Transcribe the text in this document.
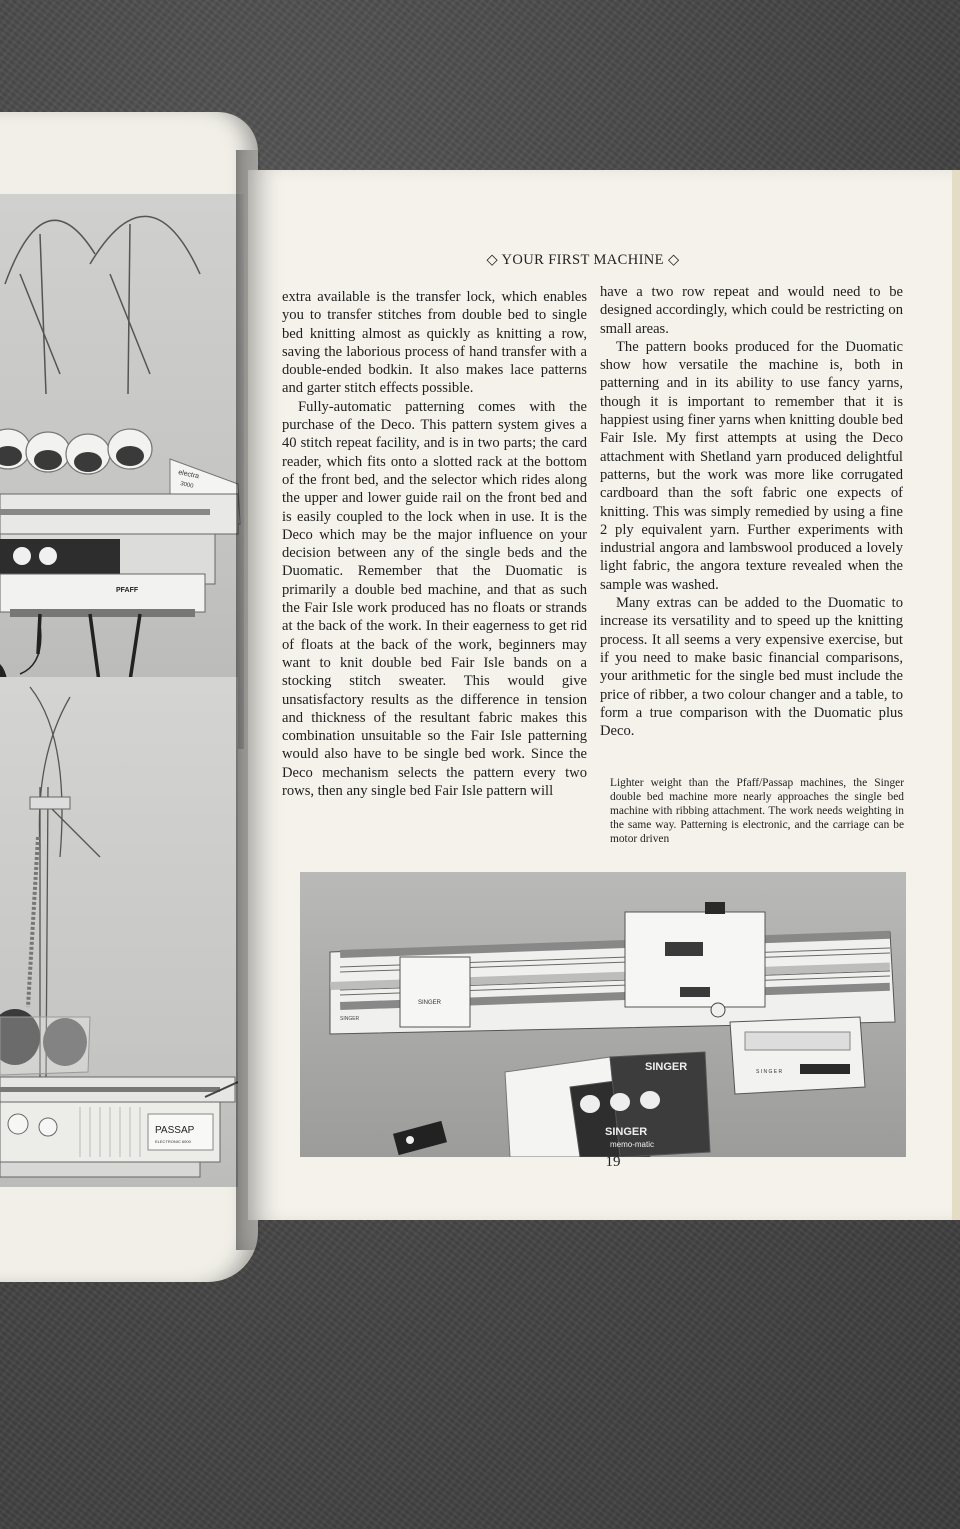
electra
3000
PFAFF
PASSAP
ELECTRONIC 6000
◇ YOUR FIRST MACHINE ◇

extra available is the transfer lock, which enables you to transfer stitches from double bed to single bed knitting almost as quickly as knitting a row, saving the laborious process of hand transfer with a double-ended bodkin. It also makes lace patterns and garter stitch effects possible.

Fully-automatic patterning comes with the purchase of the Deco. This pattern system gives a 40 stitch repeat facility, and is in two parts; the card reader, which fits onto a slotted rack at the bottom of the front bed, and the selector which rides along the upper and lower guide rail on the front bed and is easily coupled to the lock when in use. It is the Deco which may be the major influence on your decision between any of the single beds and the Duomatic. Remember that the Duomatic is primarily a double bed machine, and that as such the Fair Isle work produced has no floats or strands at the back of the work. In their eagerness to get rid of floats at the back of the work, beginners may want to knit double bed Fair Isle bands on a stocking stitch sweater. This would give unsatisfactory results as the difference in tension and thickness of the resultant fabric makes this combination unsuitable so the Fair Isle patterning would also have to be single bed work. Since the Deco mechanism selects the pattern every two rows, then any single bed Fair Isle pattern will

have a two row repeat and would need to be designed accordingly, which could be restricting on small areas.

The pattern books produced for the Duomatic show how versatile the machine is, both in patterning and in its ability to use fancy yarns, though it is important to remember that it is happiest using finer yarns when knitting double bed Fair Isle. My first attempts at using the Deco attachment with Shetland yarn produced delightful patterns, but the work was more like corrugated cardboard than the soft fabric one expects of knitting. This was simply remedied by using a fine 2 ply equivalent yarn. Further experiments with industrial angora and lambswool produced a lovely light fabric, the angora texture revealed when the sample was washed.

Many extras can be added to the Duomatic to increase its versatility and to speed up the knitting process. It all seems a very expensive exercise, but if you need to make basic financial comparisons, your arithmetic for the single bed must include the price of ribber, a two colour changer and a table, to form a true comparison with the Duomatic plus Deco.

Lighter weight than the Pfaff/Passap machines, the Singer double bed machine more nearly approaches the single bed machine with ribbing attachment. The work needs weighting in the same way. Patterning is electronic, and the carriage can be motor driven
SINGER
SINGER
S I N G E R
SINGER
SINGER
memo-matic
19
